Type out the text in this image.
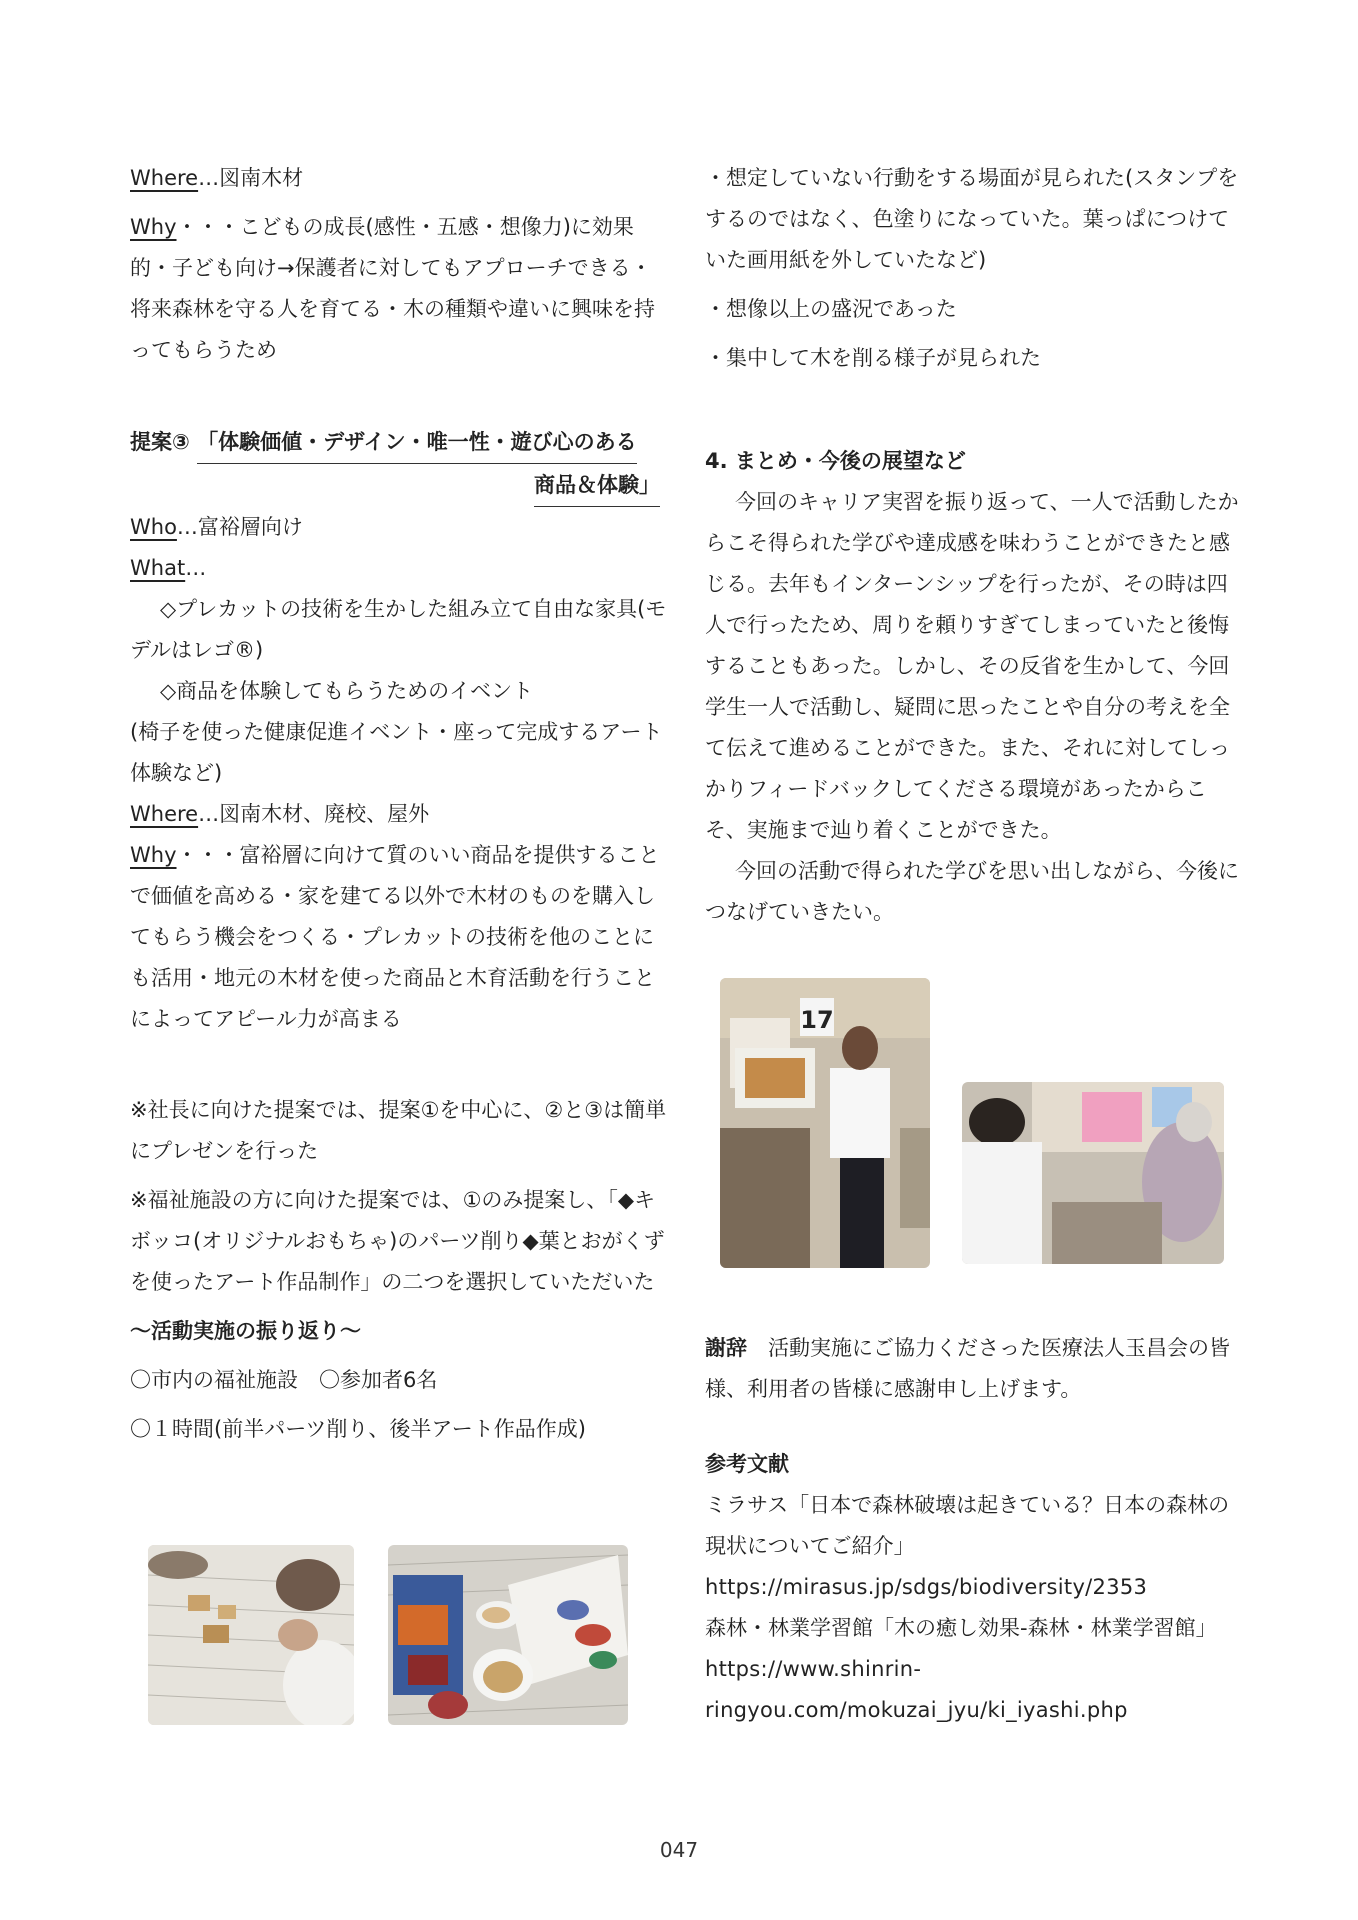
Where…図南木材

Why・・・こどもの成長(感性・五感・想像力)に効果的・子ども向け→保護者に対してもアプローチできる・将来森林を守る人を育てる・木の種類や違いに興味を持ってもらうため

提案③ 「体験価値・デザイン・唯一性・遊び心のある
商品＆体験」

Who…富裕層向け

What…

◇プレカットの技術を生かした組み立て自由な家具(モデルはレゴ®)

◇商品を体験してもらうためのイベント

(椅子を使った健康促進イベント・座って完成するアート体験など)

Where…図南木材、廃校、屋外

Why・・・富裕層に向けて質のいい商品を提供することで価値を高める・家を建てる以外で木材のものを購入してもらう機会をつくる・プレカットの技術を他のことにも活用・地元の木材を使った商品と木育活動を行うことによってアピール力が高まる

※社長に向けた提案では、提案①を中心に、②と③は簡単にプレゼンを行った

※福祉施設の方に向けた提案では、①のみ提案し、「◆キボッコ(オリジナルおもちゃ)のパーツ削り◆葉とおがくずを使ったアート作品制作」の二つを選択していただいた

〜活動実施の振り返り〜

〇市内の福祉施設　〇参加者6名

〇１時間(前半パーツ削り、後半アート作品作成)

・想定していない行動をする場面が見られた(スタンプをするのではなく、色塗りになっていた。葉っぱにつけていた画用紙を外していたなど)

・想像以上の盛況であった

・集中して木を削る様子が見られた

4. まとめ・今後の展望など

今回のキャリア実習を振り返って、一人で活動したからこそ得られた学びや達成感を味わうことができたと感じる。去年もインターンシップを行ったが、その時は四人で行ったため、周りを頼りすぎてしまっていたと後悔することもあった。しかし、その反省を生かして、今回学生一人で活動し、疑問に思ったことや自分の考えを全て伝えて進めることができた。また、それに対してしっかりフィードバックしてくださる環境があったからこそ、実施まで辿り着くことができた。

今回の活動で得られた学びを思い出しながら、今後につなげていきたい。

17

謝辞　 活動実施にご協力くださった医療法人玉昌会の皆様、利用者の皆様に感謝申し上げます。

参考文献

ミラサス「日本で森林破壊は起きている？日本の森林の現状についてご紹介」

https://mirasus.jp/sdgs/biodiversity/2353

森林・林業学習館「木の癒し効果-森林・林業学習館」

https://www.shinrin-

ringyou.com/mokuzai_jyu/ki_iyashi.php

047
